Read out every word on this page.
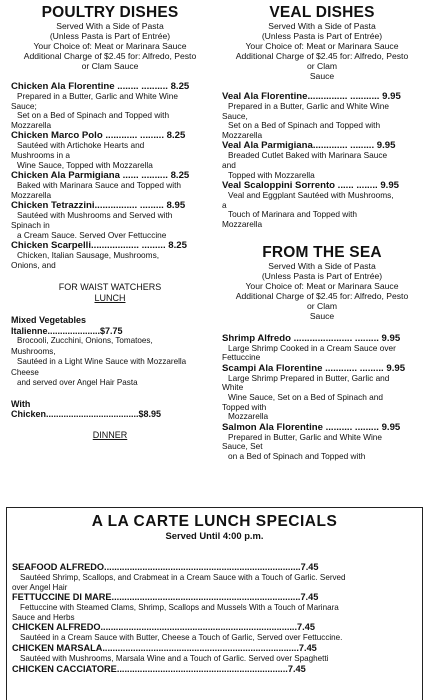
POULTRY DISHES
Served With a Side of Pasta
(Unless Pasta is Part of Entrée)
Your Choice of: Meat or Marinara Sauce
Additional Charge of $2.45 for: Alfredo, Pesto
or Clam Sauce
Chicken Ala Florentine ........ .......... 8.25
Prepared in a Butter, Garlic and White Wine
Sauce;
Set on a Bed of Spinach and Topped with
Mozzarella
Chicken Marco Polo ............ ......... 8.25
Sautéed with Artichoke Hearts and
Mushrooms in a
Wine Sauce, Topped with Mozzarella
Chicken Ala Parmigiana ...... .......... 8.25
Baked with Marinara Sauce and Topped with
Mozzarella
Chicken Tetrazzini................ ......... 8.95
Sautéed with Mushrooms and Served with
Spinach in
a Cream Sauce. Served Over Fettuccine
Chicken Scarpelli.................. ......... 8.25
Chicken, Italian Sausage, Mushrooms,
Onions, and
FOR WAIST WATCHERS
LUNCH
Mixed Vegetables
Italienne.....................$7.75
Brocooli, Zucchini, Onions, Tomatoes,
Mushrooms,
Sautéed in a Light Wine Sauce with Mozzarella
Cheese
and served over Angel Hair Pasta
With
Chicken.....................................$8.95
DINNER
VEAL DISHES
Served With a Side of Pasta
(Unless Pasta is Part of Entrée)
Your Choice of: Meat or Marinara Sauce
Additional Charge of $2.45 for: Alfredo, Pesto
or Clam
Sauce
Veal Ala Florentine............... ........... 9.95
Prepared in a Butter, Garlic and White Wine
Sauce,
Set on a Bed of Spinach and Topped with
Mozzarella
Veal Ala Parmigiana............. ......... 9.95
Breaded Cutlet Baked with Marinara Sauce
and
Topped with Mozzarella
Veal Scaloppini Sorrento ...... ........ 9.95
Veal and Eggplant Sautéed with Mushrooms,
a
Touch of Marinara and Topped with
Mozzarella
FROM THE SEA
Served With a Side of Pasta
(Unless Pasta is Part of Entrée)
Your Choice of: Meat or Marinara Sauce
Additional Charge of $2.45 for: Alfredo, Pesto
or Clam
Sauce
Shrimp Alfredo ...................... ......... 9.95
Large Shrimp Cooked in a Cream Sauce over
Fettuccine
Scampi Ala Florentine ............ ......... 9.95
Large Shrimp Prepared in Butter, Garlic and
White
Wine Sauce, Set on a Bed of Spinach and
Topped with
Mozzarella
Salmon Ala Florentine .......... ......... 9.95
Prepared in Butter, Garlic and White Wine
Sauce, Set
on a Bed of Spinach and Topped with
A LA CARTE LUNCH SPECIALS
Served Until 4:00 p.m.
SEAFOOD ALFREDO.............................................................................7.45
Sautéed Shrimp, Scallops, and Crabmeat in a Cream Sauce with a Touch of Garlic. Served
over Angel Hair
FETTUCCINE DI MARE..........................................................................7.45
Fettuccine with Steamed Clams, Shrimp, Scallops and Mussels With a Touch of Marinara
Sauce and Herbs
CHICKEN ALFREDO.............................................................................7.45
Sautéed in a Cream Sauce with Butter, Cheese a Touch of Garlic, Served over Fettuccine.
CHICKEN MARSALA.............................................................................7.45
Sautéed with Mushrooms, Marsala Wine and a Touch of Garlic. Served over Spaghetti
CHICKEN CACCIATORE...................................................................7.45
